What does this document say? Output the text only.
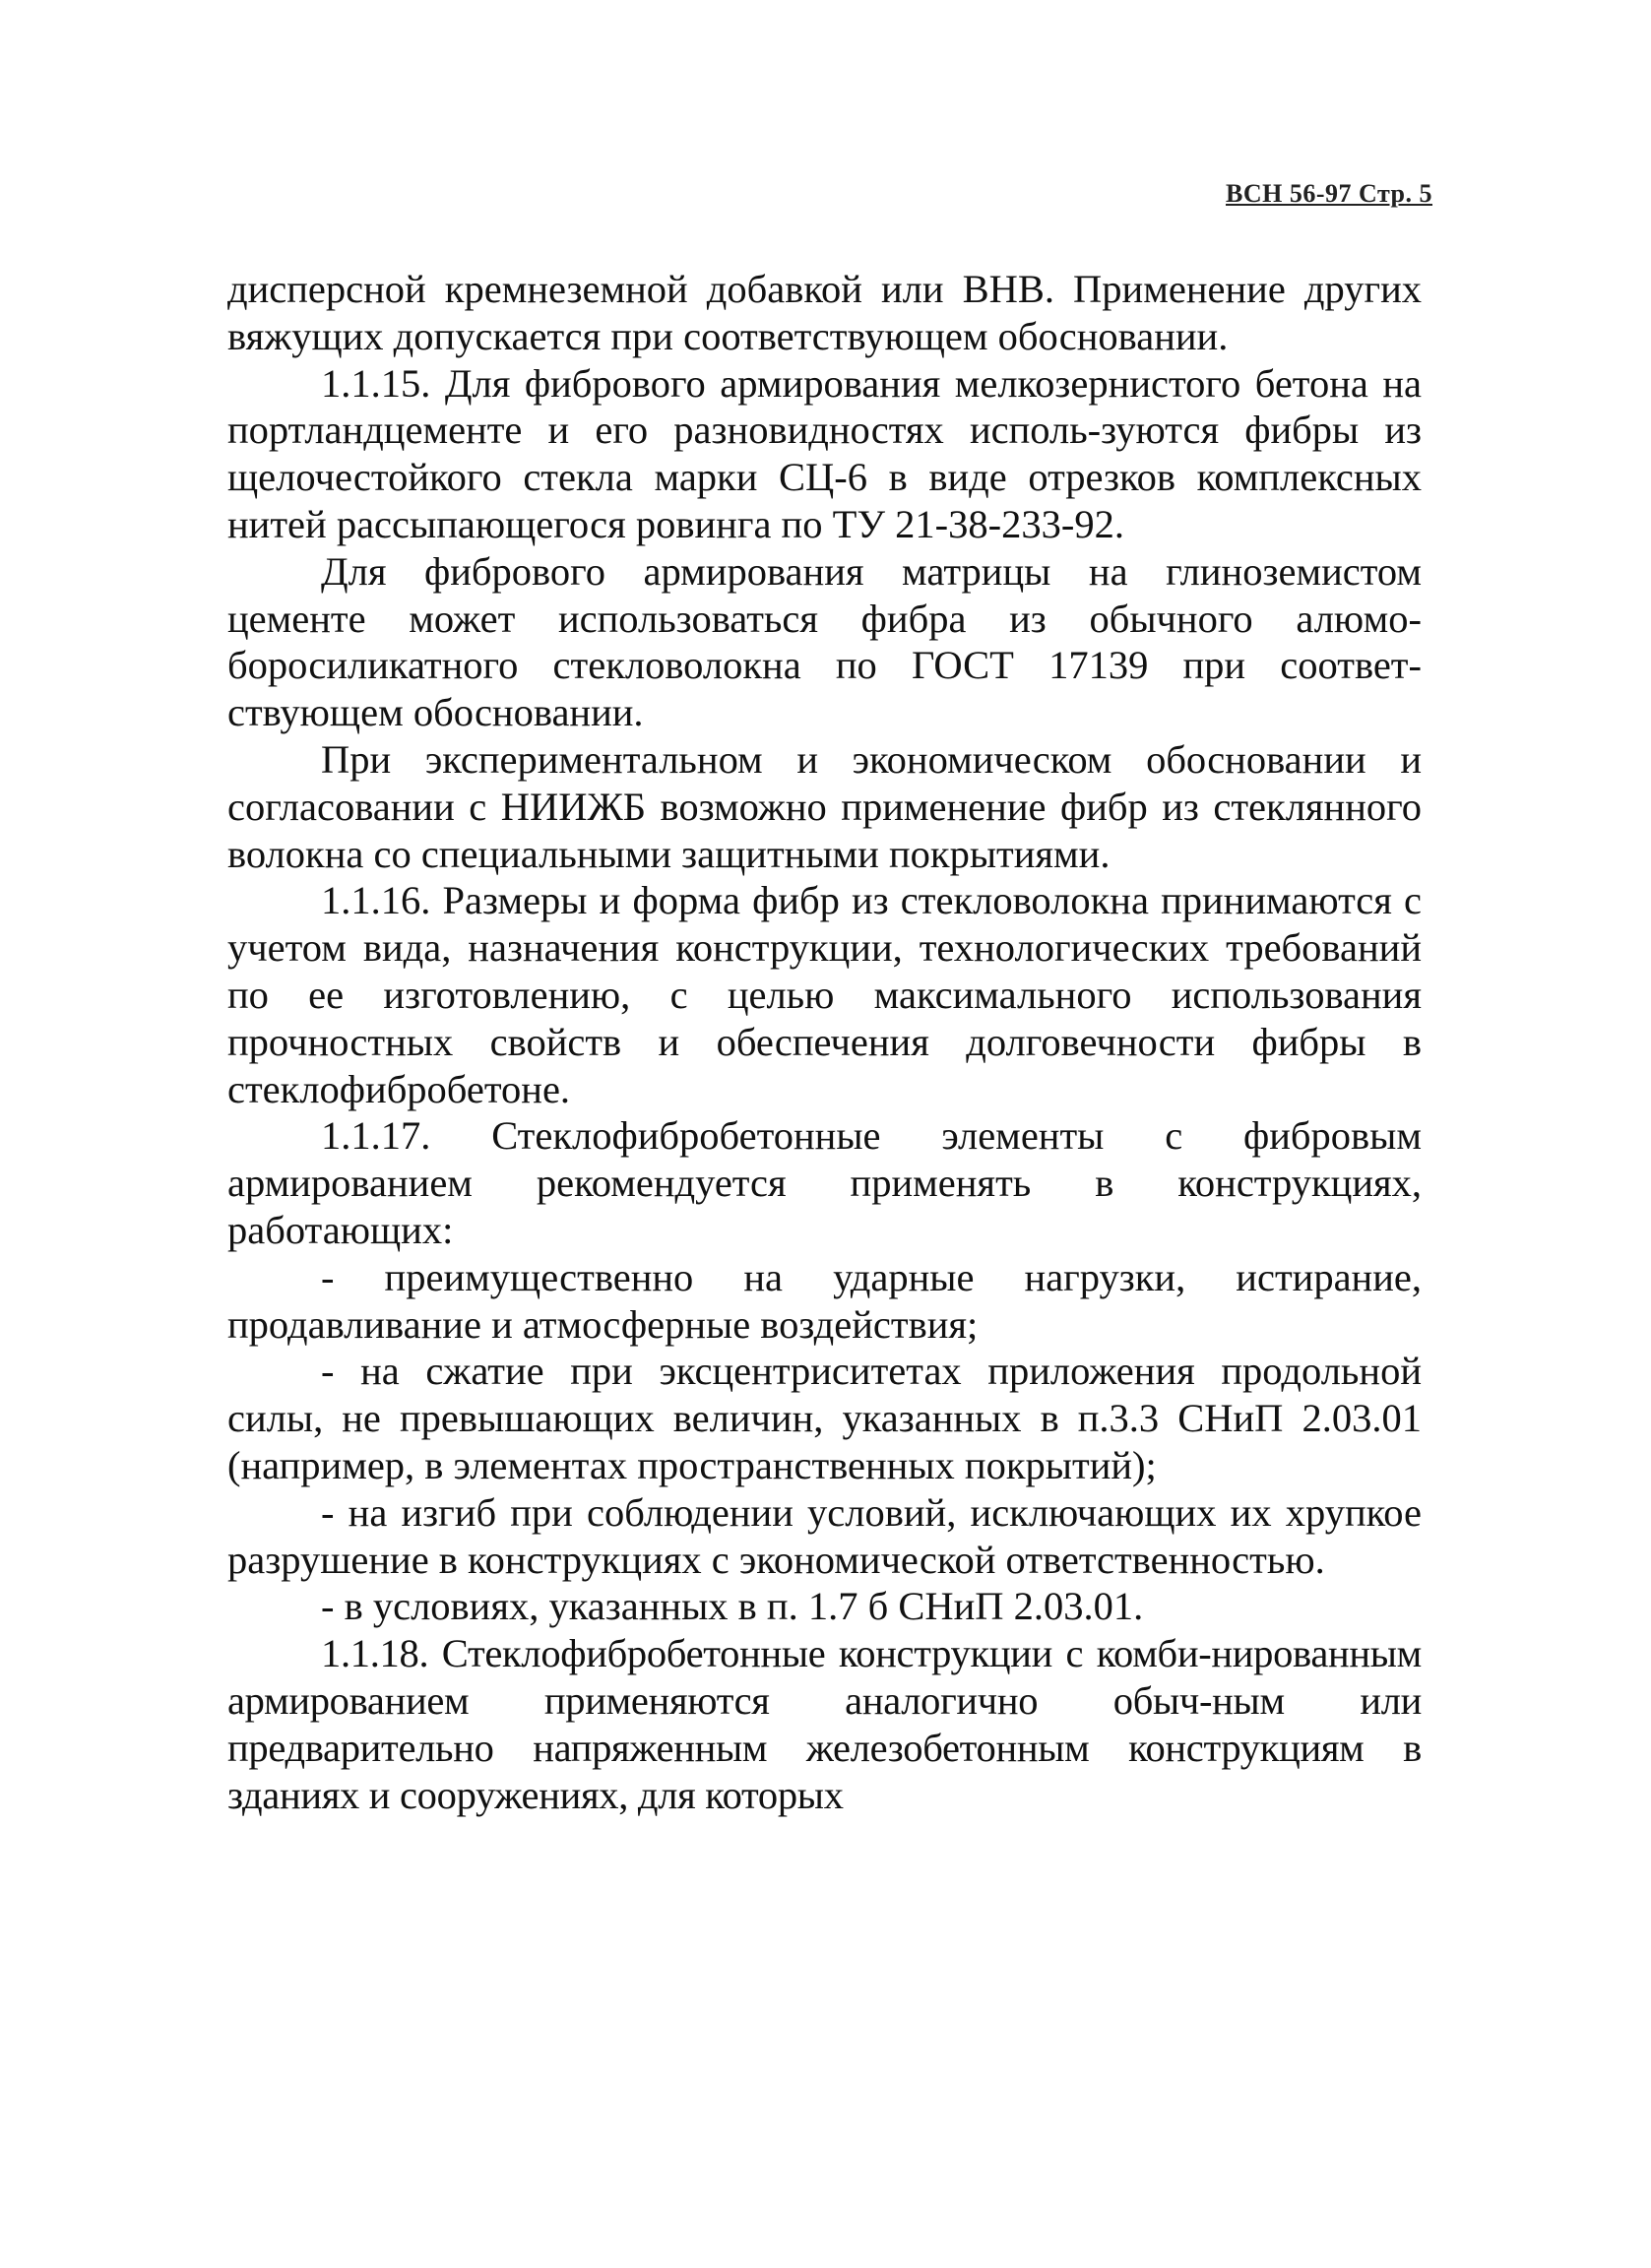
ВСН 56-97 Стр. 5

дисперсной кремнеземной добавкой или ВНВ. Применение других вяжущих допускается при соответствующем обосновании.

1.1.15. Для фибрового армирования мелкозернистого бетона на портландцементе и его разновидностях исполь-зуются фибры из щелочестойкого стекла марки СЦ-6 в виде отрезков комплексных нитей рассыпающегося ровинга по ТУ 21-38-233-92.

Для фибрового армирования матрицы на глиноземистом цементе может использоваться фибра из обычного алюмо-боросиликатного стекловолокна по ГОСТ 17139 при соответ-ствующем обосновании.

При экспериментальном и экономическом обосновании и согласовании с НИИЖБ возможно применение фибр из стеклянного волокна со специальными защитными покрытиями.

1.1.16. Размеры и форма фибр из стекловолокна принимаются с учетом вида, назначения конструкции, технологических требований по ее изготовлению, с целью максимального использования прочностных свойств и обеспечения долговечности фибры в стеклофибробетоне.

1.1.17. Стеклофибробетонные элементы с фибровым армированием рекомендуется применять в конструкциях, работающих:

- преимущественно на ударные нагрузки, истирание, продавливание и атмосферные воздействия;

- на сжатие при эксцентриситетах приложения продольной силы, не превышающих величин, указанных в п.3.3 СНиП 2.03.01 (например, в элементах пространственных покрытий);

- на изгиб при соблюдении условий, исключающих их хрупкое разрушение в конструкциях с экономической ответственностью.

- в условиях, указанных в п. 1.7 б СНиП 2.03.01.

1.1.18. Стеклофибробетонные конструкции с комби-нированным армированием применяются аналогично обыч-ным или предварительно напряженным железобетонным конструкциям в зданиях и сооружениях, для которых
